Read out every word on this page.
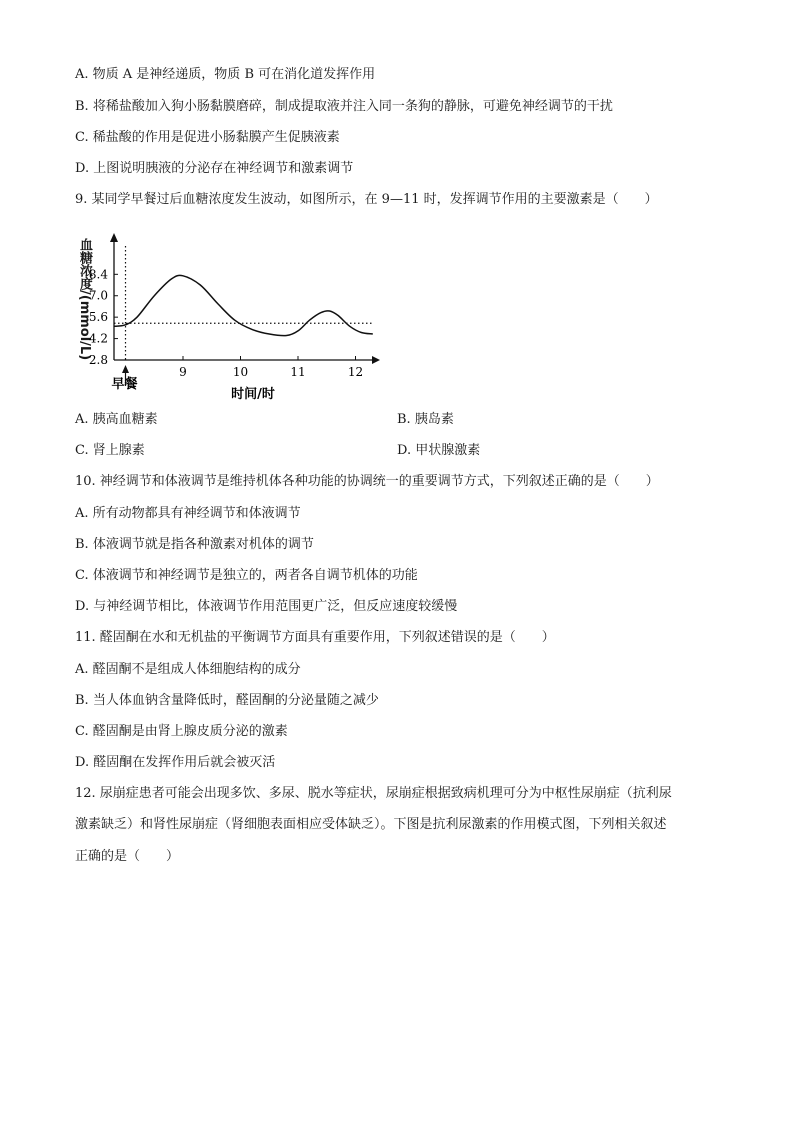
A. 物质 A 是神经递质，物质 B 可在消化道发挥作用
B. 将稀盐酸加入狗小肠黏膜磨碎，制成提取液并注入同一条狗的静脉，可避免神经调节的干扰
C. 稀盐酸的作用是促进小肠黏膜产生促胰液素
D. 上图说明胰液的分泌存在神经调节和激素调节
9. 某同学早餐过后血糖浓度发生波动，如图所示，在 9—11 时，发挥调节作用的主要激素是（　　）
血糖浓度/(mmol/L)
2.8
4.2
5.6
7.0
8.4
9	10	11	12
早餐
时间/时
A. 胰高血糖素	B. 胰岛素
C. 肾上腺素	D. 甲状腺激素
10. 神经调节和体液调节是维持机体各种功能的协调统一的重要调节方式，下列叙述正确的是（　　）
A. 所有动物都具有神经调节和体液调节
B. 体液调节就是指各种激素对机体的调节
C. 体液调节和神经调节是独立的，两者各自调节机体的功能
D. 与神经调节相比，体液调节作用范围更广泛，但反应速度较缓慢
11. 醛固酮在水和无机盐的平衡调节方面具有重要作用，下列叙述错误的是（　　）
A. 醛固酮不是组成人体细胞结构的成分
B. 当人体血钠含量降低时，醛固酮的分泌量随之减少
C. 醛固酮是由肾上腺皮质分泌的激素
D. 醛固酮在发挥作用后就会被灭活
12. 尿崩症患者可能会出现多饮、多尿、脱水等症状，尿崩症根据致病机理可分为中枢性尿崩症（抗利尿
激素缺乏）和肾性尿崩症（肾细胞表面相应受体缺乏）。下图是抗利尿激素的作用模式图，下列相关叙述
正确的是（　　）
